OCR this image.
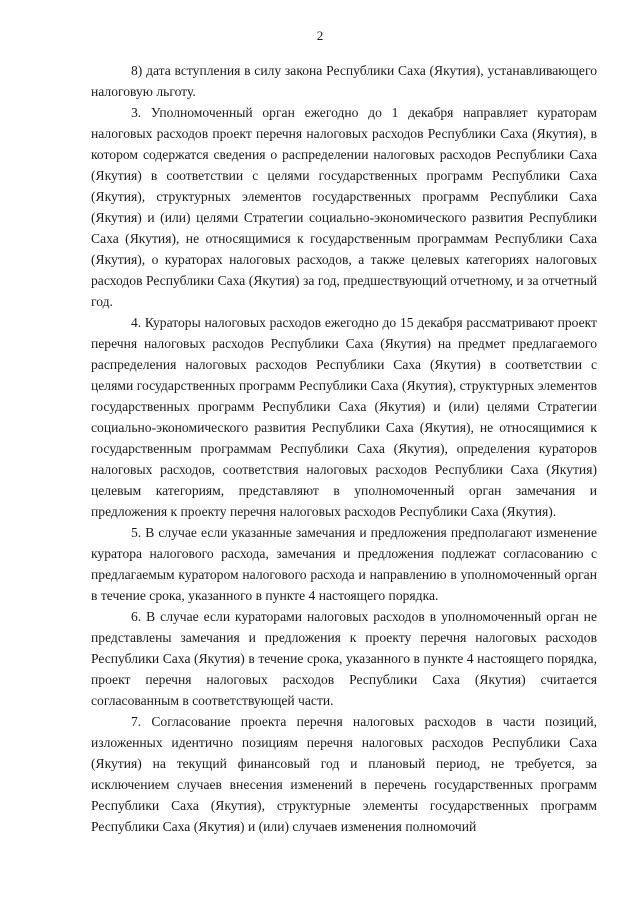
2

8) дата вступления в силу закона Республики Саха (Якутия), устанавливающего налоговую льготу.

3. Уполномоченный орган ежегодно до 1 декабря направляет кураторам налоговых расходов проект перечня налоговых расходов Республики Саха (Якутия), в котором содержатся сведения о распределении налоговых расходов Республики Саха (Якутия) в соответствии с целями государственных программ Республики Саха (Якутия), структурных элементов государственных программ Республики Саха (Якутия) и (или) целями Стратегии социально-экономического развития Республики Саха (Якутия), не относящимися к государственным программам Республики Саха (Якутия), о кураторах налоговых расходов, а также целевых категориях налоговых расходов Республики Саха (Якутия) за год, предшествующий отчетному, и за отчетный год.

4. Кураторы налоговых расходов ежегодно до 15 декабря рассматривают проект перечня налоговых расходов Республики Саха (Якутия) на предмет предлагаемого распределения налоговых расходов Республики Саха (Якутия) в соответствии с целями государственных программ Республики Саха (Якутия), структурных элементов государственных программ Республики Саха (Якутия) и (или) целями Стратегии социально-экономического развития Республики Саха (Якутия), не относящимися к государственным программам Республики Саха (Якутия), определения кураторов налоговых расходов, соответствия налоговых расходов Республики Саха (Якутия) целевым категориям, представляют в уполномоченный орган замечания и предложения к проекту перечня налоговых расходов Республики Саха (Якутия).

5. В случае если указанные замечания и предложения предполагают изменение куратора налогового расхода, замечания и предложения подлежат согласованию с предлагаемым куратором налогового расхода и направлению в уполномоченный орган в течение срока, указанного в пункте 4 настоящего порядка.

6. В случае если кураторами налоговых расходов в уполномоченный орган не представлены замечания и предложения к проекту перечня налоговых расходов Республики Саха (Якутия) в течение срока, указанного в пункте 4 настоящего порядка, проект перечня налоговых расходов Республики Саха (Якутия) считается согласованным в соответствующей части.

7. Согласование проекта перечня налоговых расходов в части позиций, изложенных идентично позициям перечня налоговых расходов Республики Саха (Якутия) на текущий финансовый год и плановый период, не требуется, за исключением случаев внесения изменений в перечень государственных программ Республики Саха (Якутия), структурные элементы государственных программ Республики Саха (Якутия) и (или) случаев изменения полномочий
